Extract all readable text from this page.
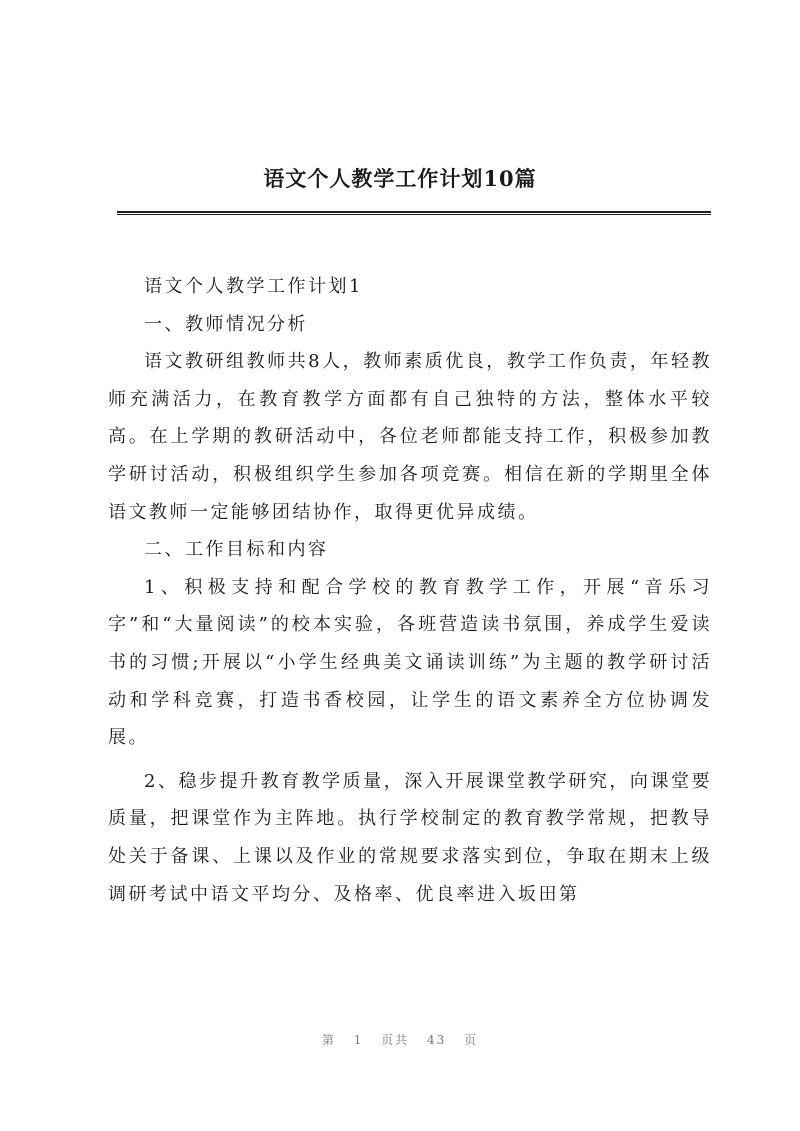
语文个人教学工作计划10篇

语文个人教学工作计划1

一、教师情况分析

语文教研组教师共8人，教师素质优良，教学工作负责，年轻教师充满活力，在教育教学方面都有自己独特的方法，整体水平较高。在上学期的教研活动中，各位老师都能支持工作，积极参加教学研讨活动，积极组织学生参加各项竞赛。相信在新的学期里全体语文教师一定能够团结协作，取得更优异成绩。

二、工作目标和内容

1、积极支持和配合学校的教育教学工作，开展“音乐习字”和“大量阅读”的校本实验，各班营造读书氛围，养成学生爱读书的习惯;开展以“小学生经典美文诵读训练”为主题的教学研讨活动和学科竞赛，打造书香校园，让学生的语文素养全方位协调发展。

2、稳步提升教育教学质量，深入开展课堂教学研究，向课堂要质量，把课堂作为主阵地。执行学校制定的教育教学常规，把教导处关于备课、上课以及作业的常规要求落实到位，争取在期末上级调研考试中语文平均分、及格率、优良率进入坂田第

第 1 页共 43 页
